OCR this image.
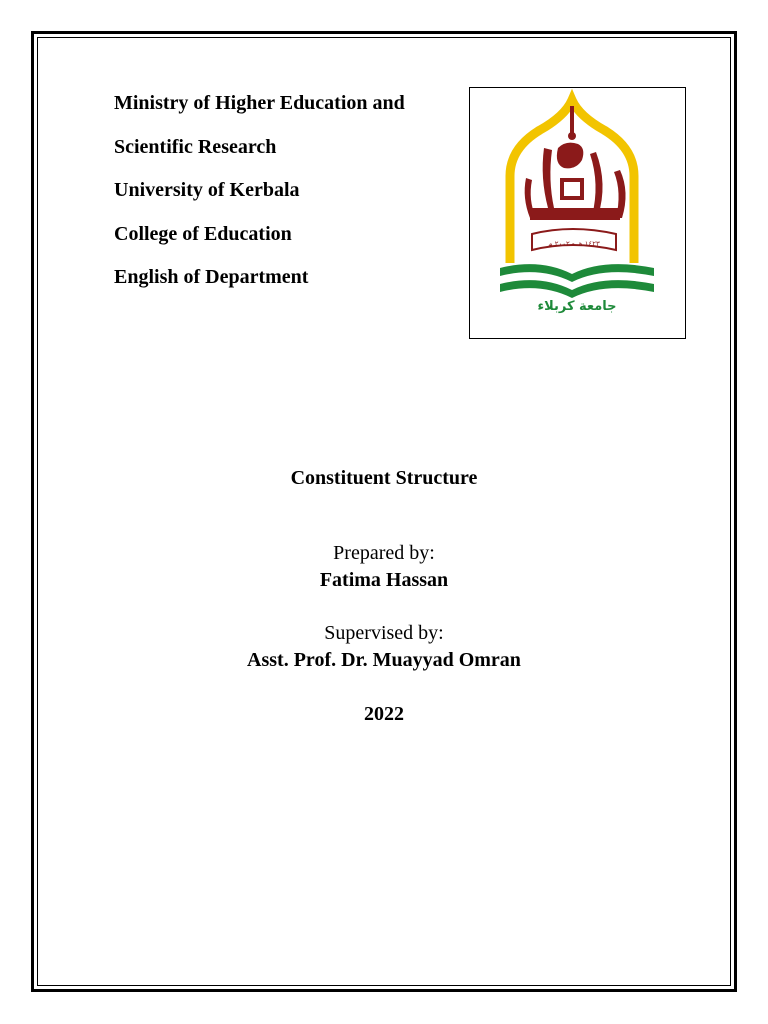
Ministry of Higher Education and
Scientific Research
University of Kerbala
College of Education
English of Department
جامعة كربلاء
١٤٢٣ هـ - ٢٠٠٢ م
Constituent Structure
Prepared by:
Fatima Hassan
Supervised by:
Asst. Prof. Dr. Muayyad Omran
2022
